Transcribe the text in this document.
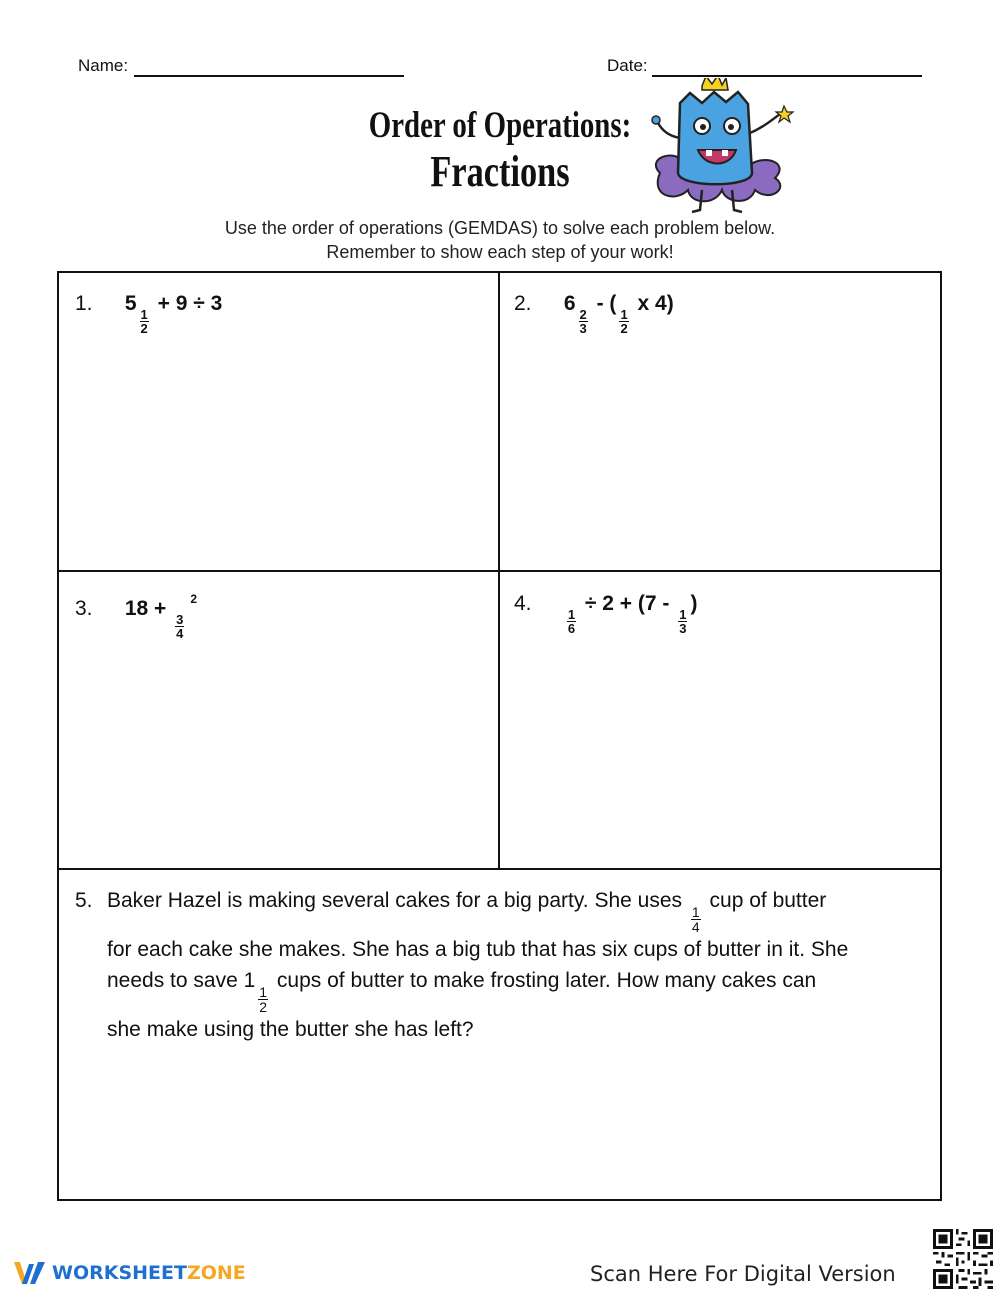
Name:	Date:
Order of Operations:
Fractions
Use the order of operations (GEMDAS) to solve each problem below.
Remember to show each step of your work!
1. 5
$\frac{1}{2}$
+ 9 ÷ 3	2. 6
$\frac{2}{3}$
- (
$\frac{1}{2}$
x 4)
3. 18 +
$\frac{3}{4}$
$^2$	4.
$\frac{1}{6}$
÷ 2 + (7 -
$\frac{1}{3}$
)
5. Baker Hazel is making several cakes for a big party. She uses
$\frac{1}{4}$
cup of butter
for each cake she makes. She has a big tub that has six cups of butter in it. She
needs to save 1
$\frac{1}{2}$
cups of butter to make frosting later. How many cakes can
she make using the butter she has left?
WORKSHEETZONE	Scan Here For Digital Version
